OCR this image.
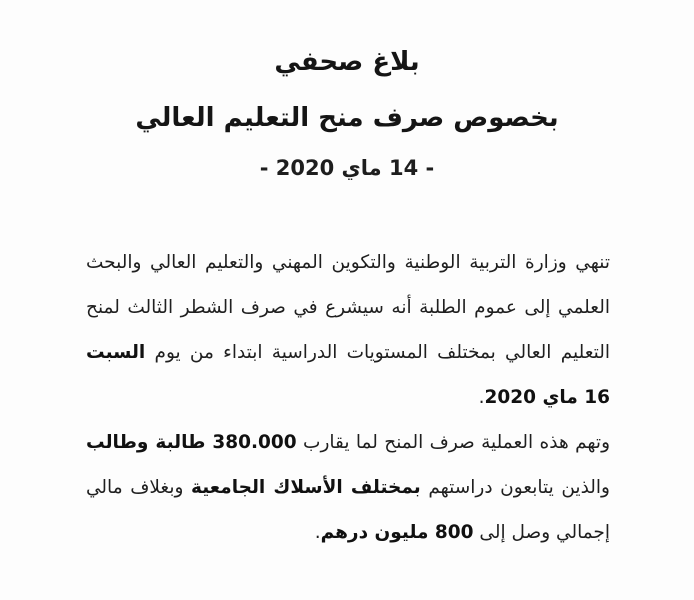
بلاغ صحفي
بخصوص صرف منح التعليم العالي
- 14 ماي 2020 -

تنهي وزارة التربية الوطنية والتكوين المهني والتعليم العالي والبحث العلمي إلى عموم الطلبة أنه سيشرع في صرف الشطر الثالث لمنح التعليم العالي بمختلف المستويات الدراسية ابتداء من يوم السبت 16 ماي 2020.

وتهم هذه العملية صرف المنح لما يقارب 380.000 طالبة وطالب والذين يتابعون دراستهم بمختلف الأسلاك الجامعية وبغلاف مالي إجمالي وصل إلى 800 مليون درهم.
